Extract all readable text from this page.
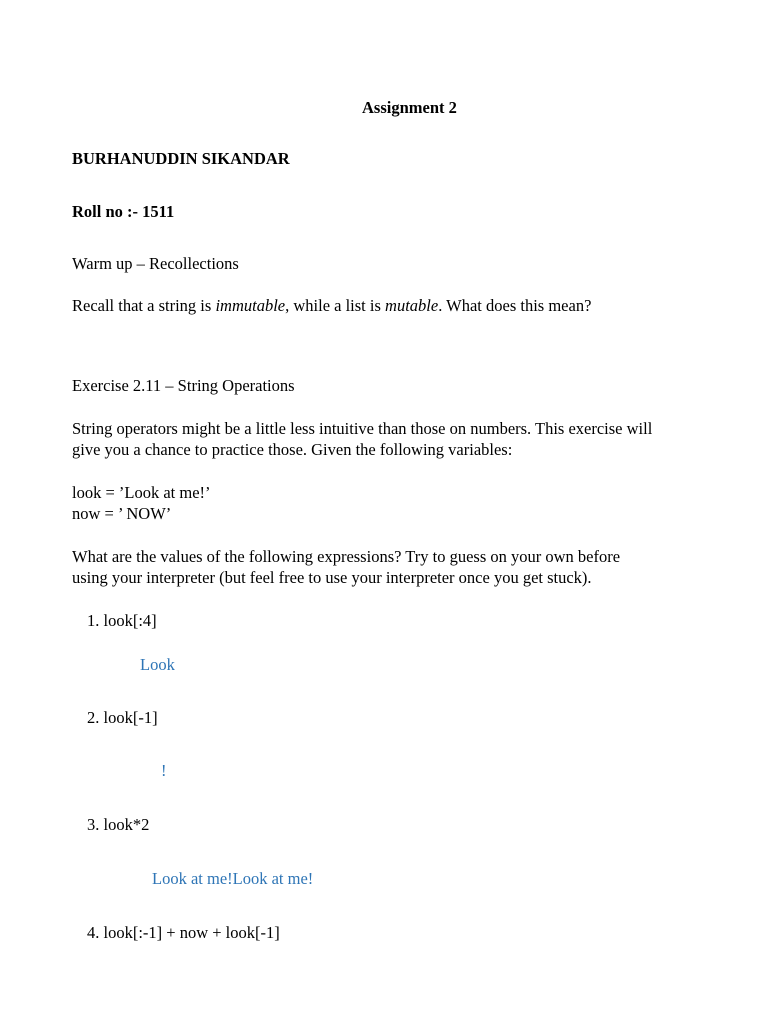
Assignment 2
BURHANUDDIN SIKANDAR
Roll no :- 1511
Warm up – Recollections
Recall that a string is immutable, while a list is mutable. What does this mean?
Exercise 2.11 – String Operations
String operators might be a little less intuitive than those on numbers. This exercise will
give you a chance to practice those. Given the following variables:
look = ’Look at me!’
now = ’ NOW’
What are the values of the following expressions? Try to guess on your own before
using your interpreter (but feel free to use your interpreter once you get stuck).
1. look[:4]
Look
2. look[-1]
!
3. look*2
Look at me!Look at me!
4. look[:-1] + now + look[-1]
